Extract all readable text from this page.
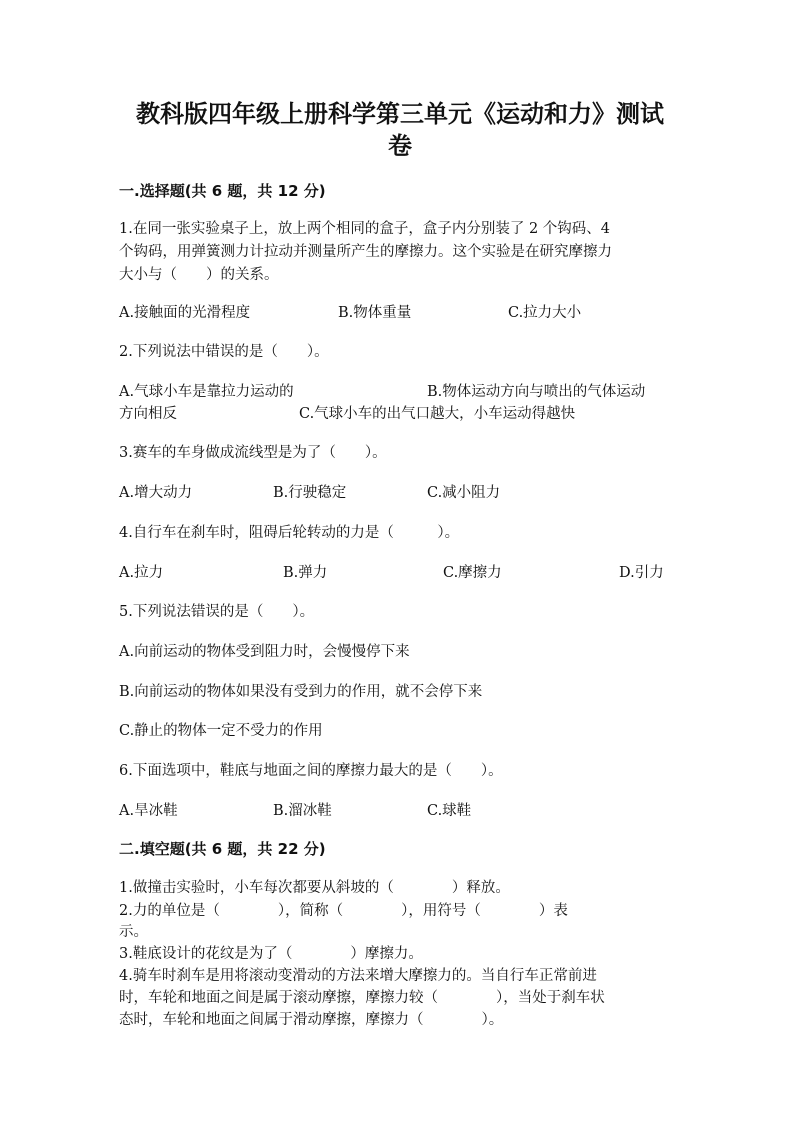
教科版四年级上册科学第三单元《运动和力》测试
卷
一.选择题(共 6 题，共 12 分)
1.在同一张实验桌子上，放上两个相同的盒子，盒子内分别装了 2 个钩码、4
个钩码，用弹簧测力计拉动并测量所产生的摩擦力。这个实验是在研究摩擦力
大小与（　　）的关系。
A.接触面的光滑程度	B.物体重量	C.拉力大小
2.下列说法中错误的是（　　）。
A.气球小车是靠拉力运动的	B.物体运动方向与喷出的气体运动
方向相反	C.气球小车的出气口越大，小车运动得越快
3.赛车的车身做成流线型是为了（　　）。
A.增大动力	B.行驶稳定	C.减小阻力
4.自行车在刹车时，阻碍后轮转动的力是（　　　）。
A.拉力	B.弹力	C.摩擦力	D.引力
5.下列说法错误的是（　　）。
A.向前运动的物体受到阻力时，会慢慢停下来
B.向前运动的物体如果没有受到力的作用，就不会停下来
C.静止的物体一定不受力的作用
6.下面选项中，鞋底与地面之间的摩擦力最大的是（　　）。
A.旱冰鞋	B.溜冰鞋	C.球鞋
二.填空题(共 6 题，共 22 分)
1.做撞击实验时，小车每次都要从斜坡的（　　　　）释放。
2.力的单位是（　　　　），简称（　　　　），用符号（　　　　）表
示。
3.鞋底设计的花纹是为了（　　　　）摩擦力。
4.骑车时刹车是用将滚动变滑动的方法来增大摩擦力的。当自行车正常前进
时，车轮和地面之间是属于滚动摩擦，摩擦力较（　　　　），当处于刹车状
态时，车轮和地面之间属于滑动摩擦，摩擦力（　　　　）。
